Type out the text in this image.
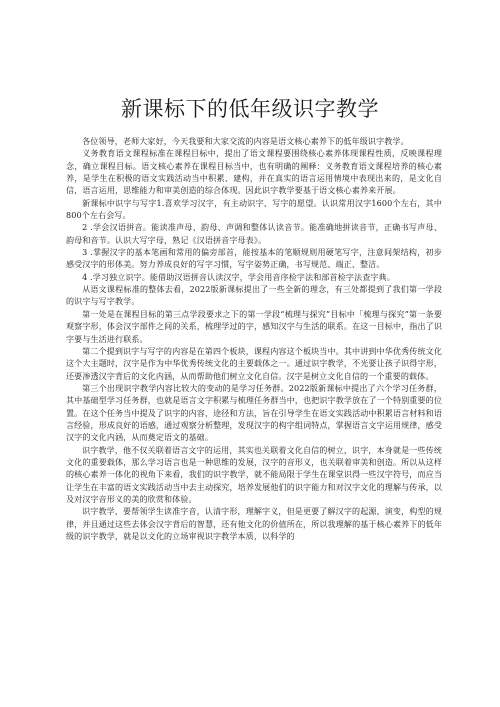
新课标下的低年级识字教学

各位领导，老师大家好，今天我要和大家交流的内容是语文核心素养下的低年级识字教学。

义务教育语文课程标准在课程目标中，提出了语文课程要围绕核心素养体现课程性质，反映课程理念，确立课程目标。语文核心素养在课程目标当中，也有明确的阐释：义务教育语文课程培养的核心素养，是学生在积极的语文实践活动当中积累、建构，并在真实的语言运用情境中表现出来的，是文化自信，语言运用，思维能力和审美创造的综合体现。因此识字教学要基于语文核心素养来开展。

新课标中识字与写字1.喜欢学习汉字，有主动识字、写字的愿望。认识常用汉字1600个左右，其中800个左右会写。

2 .学会汉语拼音。能读准声母、韵母、声调和整体认读音节。能准确地拼读音节，正确书写声母、韵母和音节。认识大写字母，熟记《汉语拼音字母表》。

3 .掌握汉字的基本笔画和常用的偏旁部首，能按基本的笔顺规则用硬笔写字，注意间架结构，初步感受汉字的形体美。努力养成良好的写字习惯，写字姿势正确，书写规范、端正、整洁。

4 .学习独立识字。能借助汉语拼音认读汉字，学会用音序检字法和部首检字法查字典。

从语文课程标准的整体去看，2022版新课标提出了一些全新的理念，有三处都提到了我们第一学段的识字与写字教学。

第一处是在课程目标的第三点学段要求之下的第一学段“梳理与探究”目标中「梳理与探究”第一条要观察字形，体会汉字部件之间的关系，梳理学过的字，感知汉字与生活的联系。在这一目标中，指出了识字要与生活进行联系。

第二个提到识字与写字的内容是在第四个板块，课程内容这个板块当中。其中讲到中华优秀传统文化这个大主题时，汉字是作为中华优秀传统文化的主要载体之一。通过识字教学，不光要让孩子识得字形，还要渗透汉字背后的文化内涵，从而帮助他们树立文化自信。汉字是树立文化自信的一个重要的载体。

第三个出现识字教学内容比较大的变动的是学习任务群。2022版新课标中提出了六个学习任务群，其中基础型学习任务群，也就是语言文字积累与梳理任务群当中，也把识字教学放在了一个特别重要的位置。在这个任务当中提及了识字的内容，途径和方法，旨在引导学生在语文实践活动中积累语言材料和语言经验，形成良好的语感，通过观察分析整理，发现汉字的构字组词特点，掌握语言文字运用规律，感受汉字的文化内涵，从而奠定语文的基础。

识字教学，他不仅关联着语言文字的运用，其实也关联着文化自信的树立，识字，本身就是一些传统文化的重要载体，那么学习语言也是一种思维的发展，汉字的音形义，也关联着审美和创造。所以从这样的核心素养一体化的视角下来看，我们的识字教学，就不能局限于学生在课堂识得一些汉字符号，而应当让学生在丰富的语文实践活动当中去主动探究，培养发展他们的识字能力和对汉字文化的理解与传承，以及对汉字音形义的美的欣赏和体验。

识字教学，要帮领学生读准字音，认清字形，理解字义，但是更要了解汉字的起源，演变，构型的规律，并且通过这些去体会汉字背后的智慧，还有他文化的价值所在，所以我理解的基于核心素养下的低年级的识字教学，就是以文化的立场审视识字教学本质，以科学的
